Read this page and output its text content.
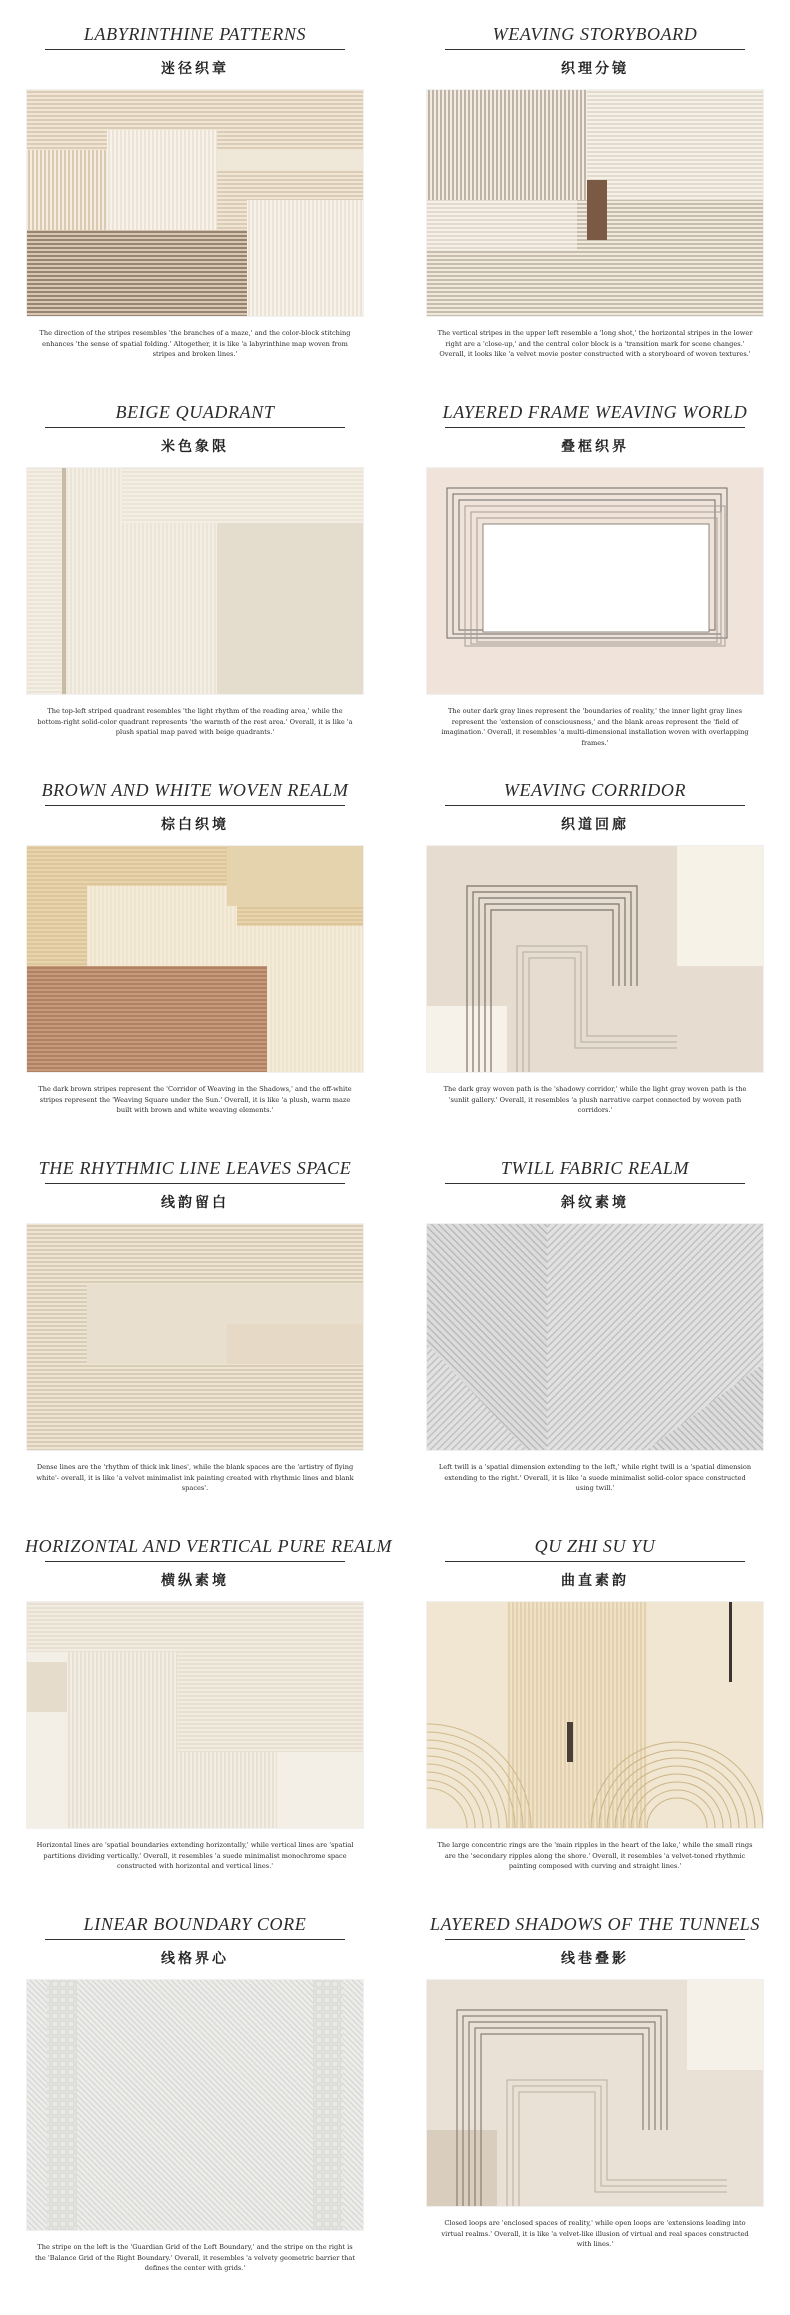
LABYRINTHINE PATTERNS
迷径织章
The direction of the stripes resembles 'the branches of a maze,' and the color-block stitching enhances 'the sense of spatial folding.' Altogether, it is like 'a labyrinthine map woven from stripes and broken lines.'
WEAVING STORYBOARD
织理分镜
The vertical stripes in the upper left resemble a 'long shot,' the horizontal stripes in the lower right are a 'close-up,' and the central color block is a 'transition mark for scene changes.' Overall, it looks like 'a velvet movie poster constructed with a storyboard of woven textures.'
BEIGE QUADRANT
米色象限
The top-left striped quadrant resembles 'the light rhythm of the reading area,' while the bottom-right solid-color quadrant represents 'the warmth of the rest area.' Overall, it is like 'a plush spatial map paved with beige quadrants.'
LAYERED FRAME WEAVING WORLD
叠框织界
The outer dark gray lines represent the 'boundaries of reality,' the inner light gray lines represent the 'extension of consciousness,' and the blank areas represent the 'field of imagination.' Overall, it resembles 'a multi-dimensional installation woven with overlapping frames.'
BROWN AND WHITE WOVEN REALM
棕白织境
The dark brown stripes represent the 'Corridor of Weaving in the Shadows,' and the off-white stripes represent the 'Weaving Square under the Sun.' Overall, it is like 'a plush, warm maze built with brown and white weaving elements.'
WEAVING CORRIDOR
织道回廊
The dark gray woven path is the 'shadowy corridor,' while the light gray woven path is the 'sunlit gallery.' Overall, it resembles 'a plush narrative carpet connected by woven path corridors.'
THE RHYTHMIC LINE LEAVES SPACE
线韵留白
Dense lines are the 'rhythm of thick ink lines', while the blank spaces are the 'artistry of flying white'- overall, it is like 'a velvet minimalist ink painting created with rhythmic lines and blank spaces'.
TWILL FABRIC REALM
斜纹素境
Left twill is a 'spatial dimension extending to the left,' while right twill is a 'spatial dimension extending to the right.' Overall, it is like 'a suede minimalist solid-color space constructed using twill.'
HORIZONTAL AND VERTICAL PURE REALM
横纵素境
Horizontal lines are 'spatial boundaries extending horizontally,' while vertical lines are 'spatial partitions dividing vertically.' Overall, it resembles 'a suede minimalist monochrome space constructed with horizontal and vertical lines.'
QU ZHI SU YU
曲直素韵
The large concentric rings are the 'main ripples in the heart of the lake,' while the small rings are the 'secondary ripples along the shore.' Overall, it resembles 'a velvet-toned rhythmic painting composed with curving and straight lines.'
LINEAR BOUNDARY CORE
线格界心
The stripe on the left is the 'Guardian Grid of the Left Boundary,' and the stripe on the right is the 'Balance Grid of the Right Boundary.' Overall, it resembles 'a velvety geometric barrier that defines the center with grids.'
LAYERED SHADOWS OF THE TUNNELS
线巷叠影
Closed loops are 'enclosed spaces of reality,' while open loops are 'extensions leading into virtual realms.' Overall, it is like 'a velvet-like illusion of virtual and real spaces constructed with lines.'
